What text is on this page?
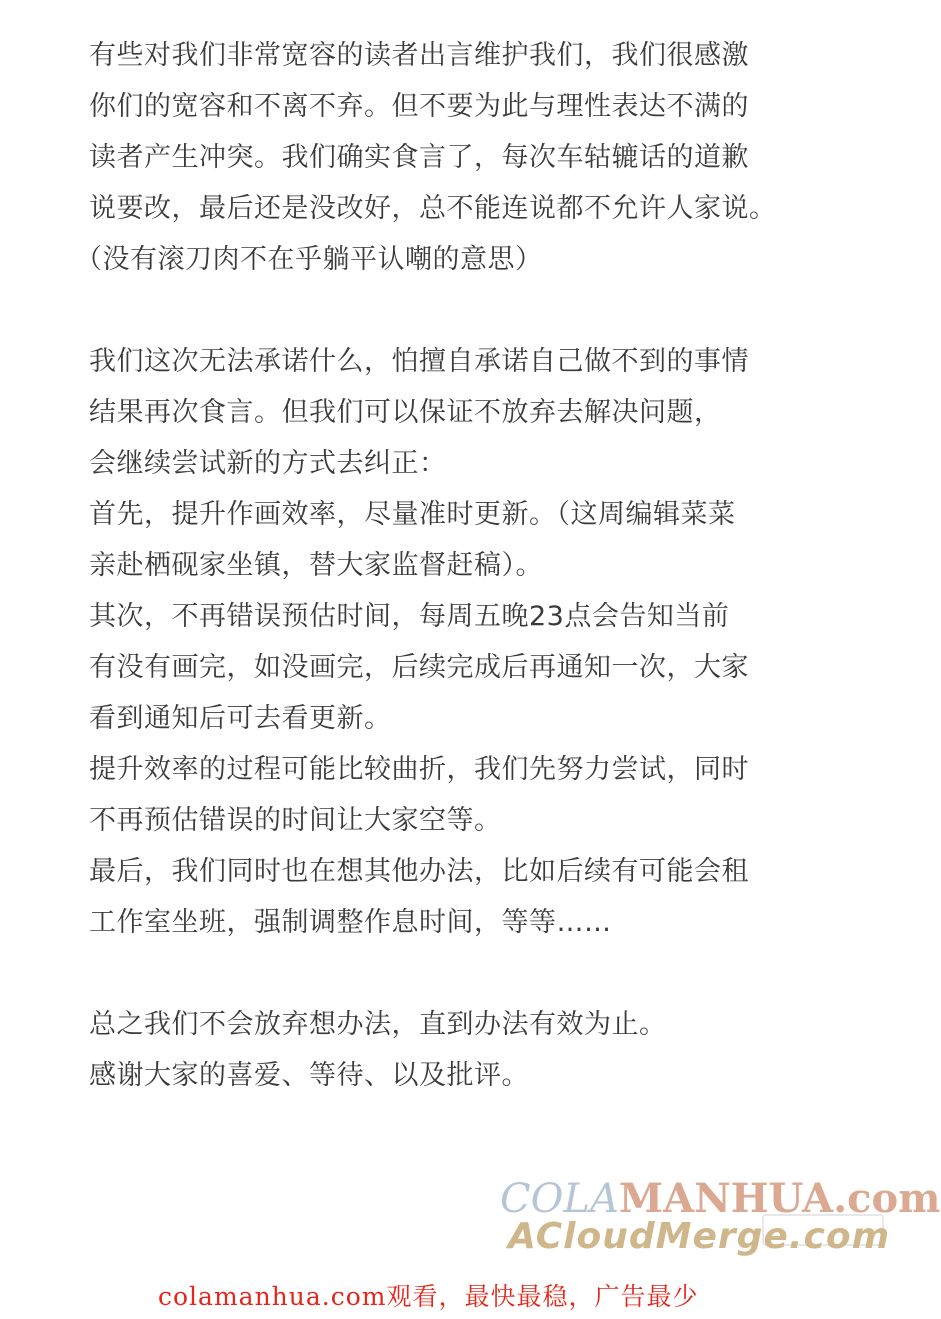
有些对我们非常宽容的读者出言维护我们，我们很感激
你们的宽容和不离不弃。但不要为此与理性表达不满的
读者产生冲突。我们确实食言了，每次车轱辘话的道歉
说要改，最后还是没改好，总不能连说都不允许人家说。
（没有滚刀肉不在乎躺平认嘲的意思）
我们这次无法承诺什么，怕擅自承诺自己做不到的事情
结果再次食言。但我们可以保证不放弃去解决问题，
会继续尝试新的方式去纠正：
首先，提升作画效率，尽量准时更新。（这周编辑菜菜
亲赴栖砚家坐镇，替大家监督赶稿）。
其次，不再错误预估时间，每周五晚23点会告知当前
有没有画完，如没画完，后续完成后再通知一次，大家
看到通知后可去看更新。
提升效率的过程可能比较曲折，我们先努力尝试，同时
不再预估错误的时间让大家空等。
最后，我们同时也在想其他办法，比如后续有可能会租
工作室坐班，强制调整作息时间，等等……
总之我们不会放弃想办法，直到办法有效为止。
感谢大家的喜爱、等待、以及批评。
COLAMANHUA.com
ACloudMerge.com
colamanhua.com观看，最快最稳，广告最少
